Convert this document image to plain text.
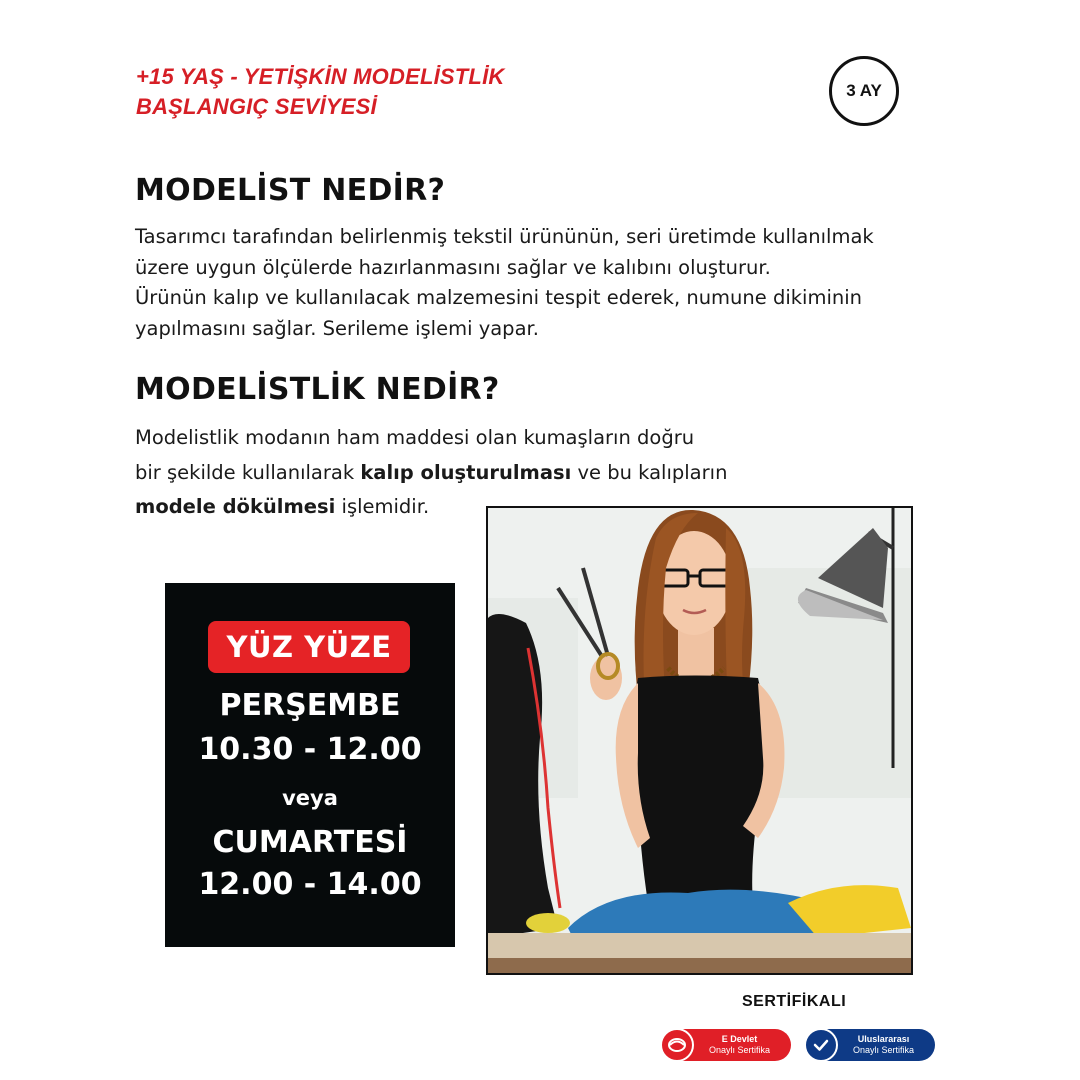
+15 YAŞ - YETİŞKİN MODELİSTLİK
BAŞLANGIÇ SEVİYESİ
3 AY
MODELİST NEDİR?
Tasarımcı tarafından belirlenmiş tekstil ürününün, seri üretimde kullanılmak
üzere uygun ölçülerde hazırlanmasını sağlar ve kalıbını oluşturur.
Ürünün kalıp ve kullanılacak malzemesini tespit ederek, numune dikiminin
yapılmasını sağlar. Serileme işlemi yapar.
MODELİSTLİK NEDİR?
Modelistlik modanın ham maddesi olan kumaşların doğru
bir şekilde kullanılarak kalıp oluşturulması ve bu kalıpların
modele dökülmesi işlemidir.
YÜZ YÜZE
PERŞEMBE
10.30 - 12.00
veya
CUMARTESİ
12.00 - 14.00
SERTİFİKALI
E Devlet
Onaylı Sertifika
Uluslararası
Onaylı Sertifika
